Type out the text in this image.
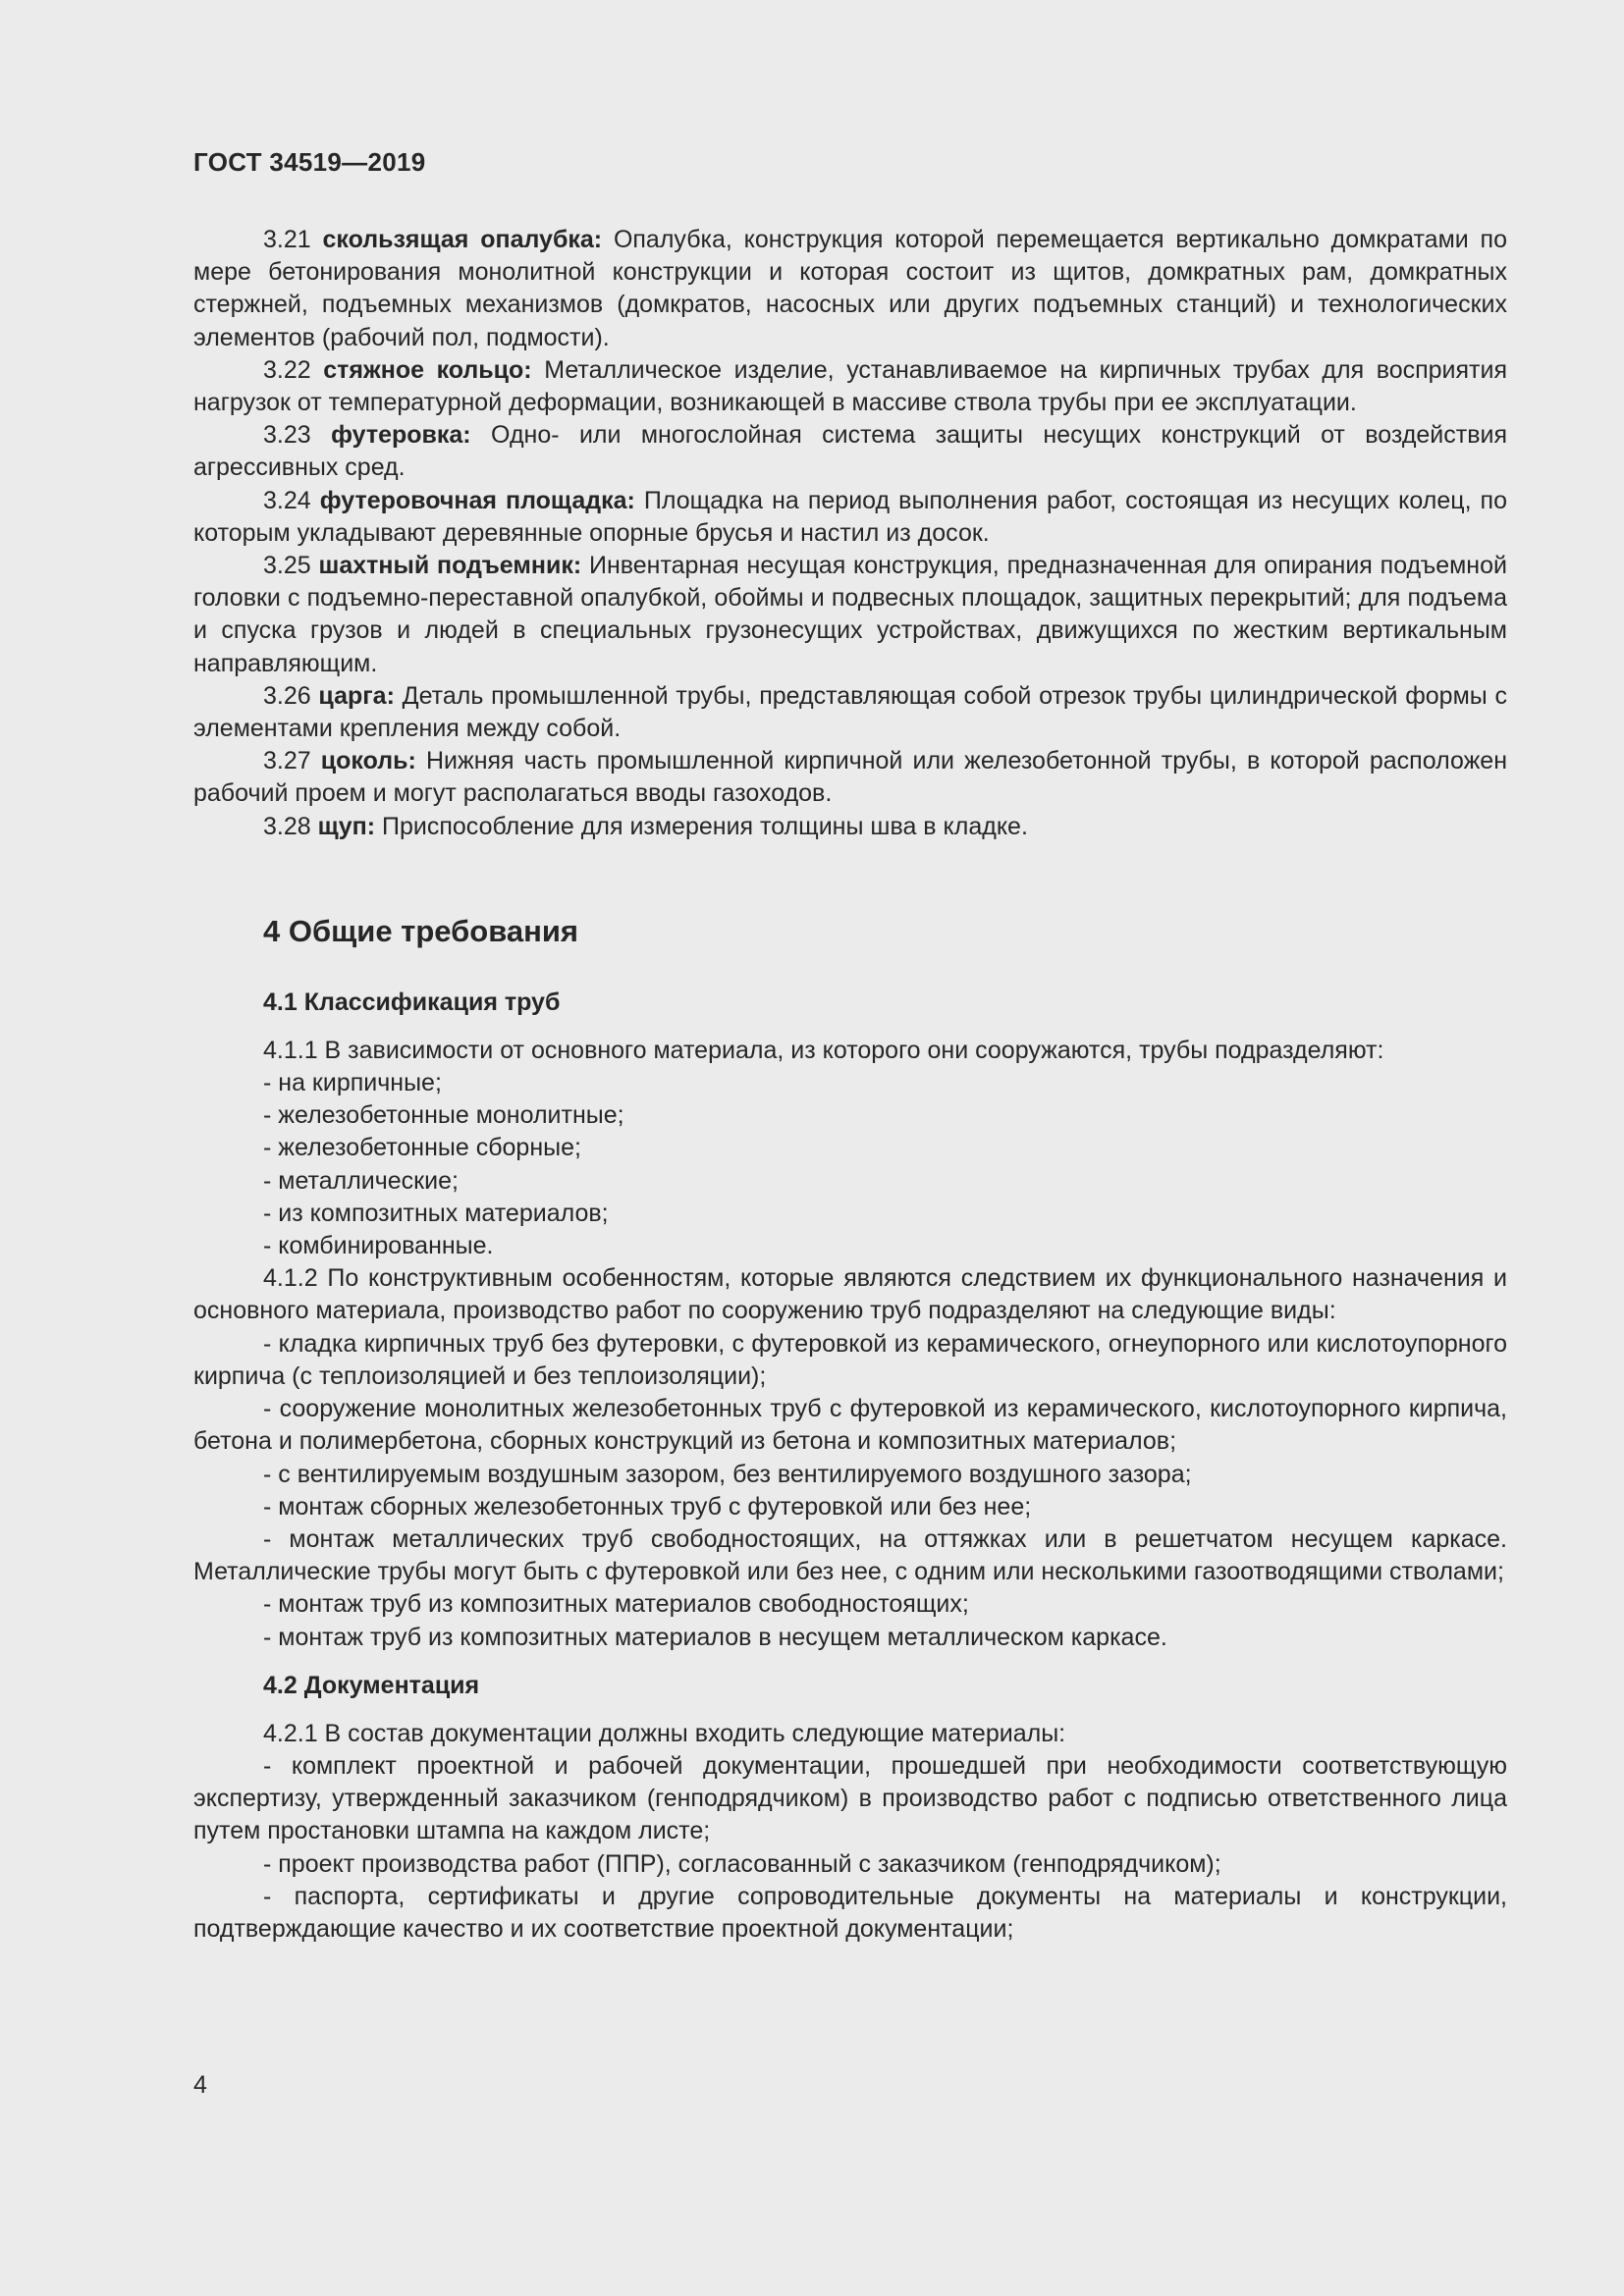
ГОСТ 34519—2019

3.21 скользящая опалубка: Опалубка, конструкция которой перемещается вертикально домкратами по мере бетонирования монолитной конструкции и которая состоит из щитов, домкратных рам, домкратных стержней, подъемных механизмов (домкратов, насосных или других подъемных станций) и технологических элементов (рабочий пол, подмости).

3.22 стяжное кольцо: Металлическое изделие, устанавливаемое на кирпичных трубах для восприятия нагрузок от температурной деформации, возникающей в массиве ствола трубы при ее эксплуатации.

3.23 футеровка: Одно- или многослойная система защиты несущих конструкций от воздействия агрессивных сред.

3.24 футеровочная площадка: Площадка на период выполнения работ, состоящая из несущих колец, по которым укладывают деревянные опорные брусья и настил из досок.

3.25 шахтный подъемник: Инвентарная несущая конструкция, предназначенная для опирания подъемной головки с подъемно-переставной опалубкой, обоймы и подвесных площадок, защитных перекрытий; для подъема и спуска грузов и людей в специальных грузонесущих устройствах, движущихся по жестким вертикальным направляющим.

3.26 царга: Деталь промышленной трубы, представляющая собой отрезок трубы цилиндрической формы с элементами крепления между собой.

3.27 цоколь: Нижняя часть промышленной кирпичной или железобетонной трубы, в которой расположен рабочий проем и могут располагаться вводы газоходов.

3.28 щуп: Приспособление для измерения толщины шва в кладке.

4 Общие требования
4.1 Классификация труб

4.1.1 В зависимости от основного материала, из которого они сооружаются, трубы подразделяют:

- на кирпичные;

- железобетонные монолитные;

- железобетонные сборные;

- металлические;

- из композитных материалов;

- комбинированные.

4.1.2 По конструктивным особенностям, которые являются следствием их функционального назначения и основного материала, производство работ по сооружению труб подразделяют на следующие виды:

- кладка кирпичных труб без футеровки, с футеровкой из керамического, огнеупорного или кислотоупорного кирпича (с теплоизоляцией и без теплоизоляции);

- сооружение монолитных железобетонных труб с футеровкой из керамического, кислотоупорного кирпича, бетона и полимербетона, сборных конструкций из бетона и композитных материалов;

- с вентилируемым воздушным зазором, без вентилируемого воздушного зазора;

- монтаж сборных железобетонных труб с футеровкой или без нее;

- монтаж металлических труб свободностоящих, на оттяжках или в решетчатом несущем каркасе. Металлические трубы могут быть с футеровкой или без нее, с одним или несколькими газоотводящими стволами;

- монтаж труб из композитных материалов свободностоящих;

- монтаж труб из композитных материалов в несущем металлическом каркасе.

4.2 Документация

4.2.1 В состав документации должны входить следующие материалы:

- комплект проектной и рабочей документации, прошедшей при необходимости соответствующую экспертизу, утвержденный заказчиком (генподрядчиком) в производство работ с подписью ответственного лица путем простановки штампа на каждом листе;

- проект производства работ (ППР), согласованный с заказчиком (генподрядчиком);

- паспорта, сертификаты и другие сопроводительные документы на материалы и конструкции, подтверждающие качество и их соответствие проектной документации;

4
